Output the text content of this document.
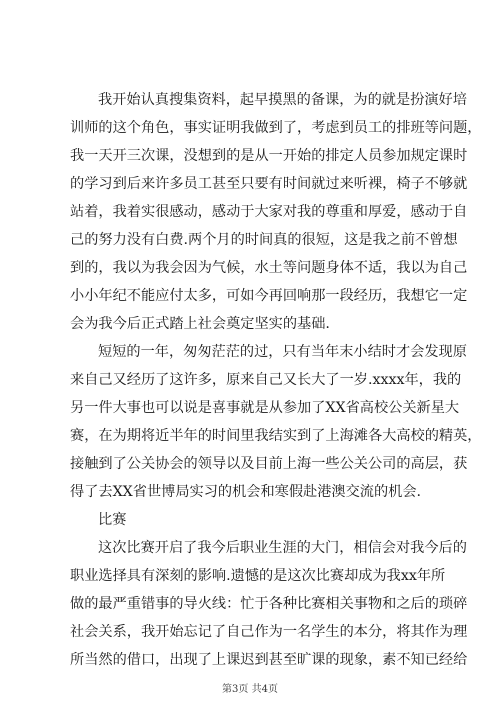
我开始认真搜集资料，起早摸黑的备课，为的就是扮演好培
训师的这个角色，事实证明我做到了，考虑到员工的排班等问题，
我一天开三次课，没想到的是从一开始的排定人员参加规定课时
的学习到后来许多员工甚至只要有时间就过来听裸，椅子不够就
站着，我着实很感动，感动于大家对我的尊重和厚爱，感动于自
己的努力没有白费.两个月的时间真的很短，这是我之前不曾想
到的，我以为我会因为气候，水土等问题身体不适，我以为自己
小小年纪不能应付太多，可如今再回响那一段经历，我想它一定
会为我今后正式踏上社会奠定坚实的基础.
短短的一年，匆匆茫茫的过，只有当年末小结时才会发现原
来自己又经历了这许多，原来自己又长大了一岁.xxxx年，我的
另一件大事也可以说是喜事就是从参加了XX省高校公关新星大
赛，在为期将近半年的时间里我结实到了上海滩各大高校的精英，
接触到了公关协会的领导以及目前上海一些公关公司的高层，获
得了去XX省世博局实习的机会和寒假赴港澳交流的机会.
比赛
这次比赛开启了我今后职业生涯的大门，相信会对我今后的
职业选择具有深刻的影响.遗憾的是这次比赛却成为我xx年所
做的最严重错事的导火线：忙于各种比赛相关事物和之后的琐碎
社会关系，我开始忘记了自己作为一名学生的本分，将其作为理
所当然的借口，出现了上课迟到甚至旷课的现象，素不知已经给
第3页 共4页
